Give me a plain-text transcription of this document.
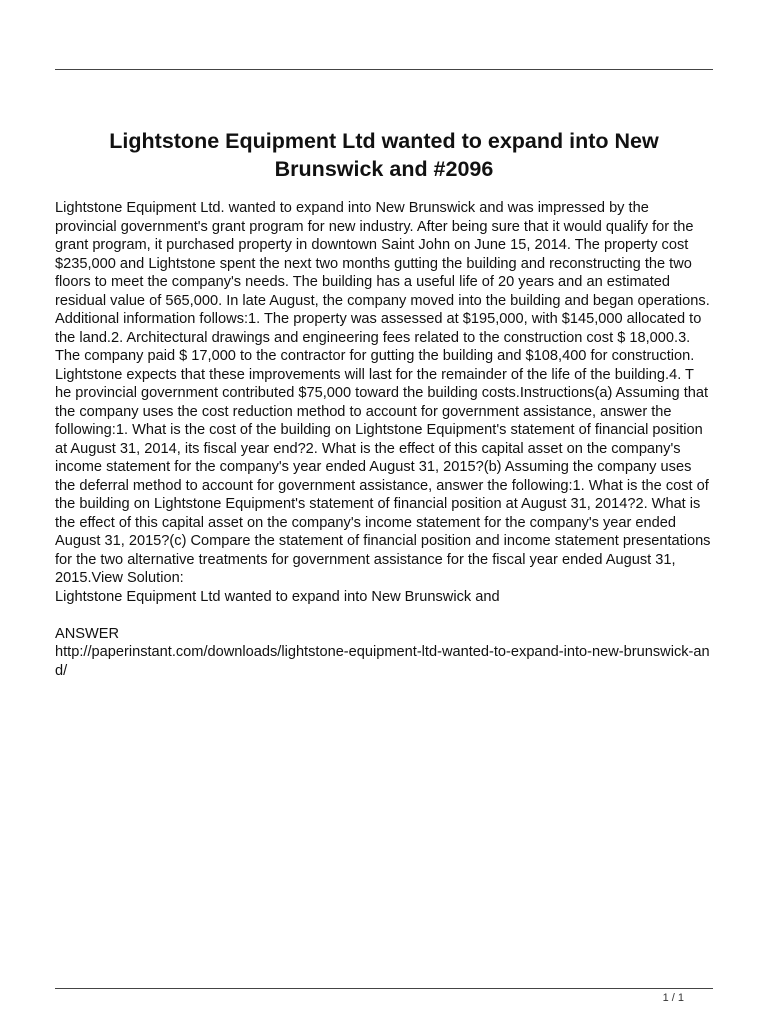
Lightstone Equipment Ltd wanted to expand into New Brunswick and #2096

Lightstone Equipment Ltd. wanted to expand into New Brunswick and was impressed by the provincial government's grant program for new industry. After being sure that it would qualify for the grant program, it purchased property in downtown Saint John on June 15, 2014. The property cost $235,000 and Lightstone spent the next two months gutting the building and reconstructing the two floors to meet the company's needs. The building has a useful life of 20 years and an estimated residual value of 565,000. In late August, the company moved into the building and began operations. Additional information follows:1. The property was assessed at $195,000, with $145,000 allocated to the land.2. Architectural drawings and engineering fees related to the construction cost $ 18,000.3. The company paid $ 17,000 to the contractor for gutting the building and $108,400 for construction. Lightstone expects that these improvements will last for the remainder of the life of the building.4. T he provincial government contributed $75,000 toward the building costs.Instructions(a) Assuming that the company uses the cost reduction method to account for government assistance, answer the following:1. What is the cost of the building on Lightstone Equipment's statement of financial position at August 31, 2014, its fiscal year end?2. What is the effect of this capital asset on the company's income statement for the company's year ended August 31, 2015?(b) Assuming the company uses the deferral method to account for government assistance, answer the following:1. What is the cost of the building on Lightstone Equipment's statement of financial position at August 31, 2014?2. What is the effect of this capital asset on the company's income statement for the company's year ended August 31, 2015?(c) Compare the statement of financial position and income statement presentations for the two alternative treatments for government assistance for the fiscal year ended August 31, 2015.View Solution:

Lightstone Equipment Ltd wanted to expand into New Brunswick and

ANSWER

http://paperinstant.com/downloads/lightstone-equipment-ltd-wanted-to-expand-into-new-brunswick-and/

1 / 1
